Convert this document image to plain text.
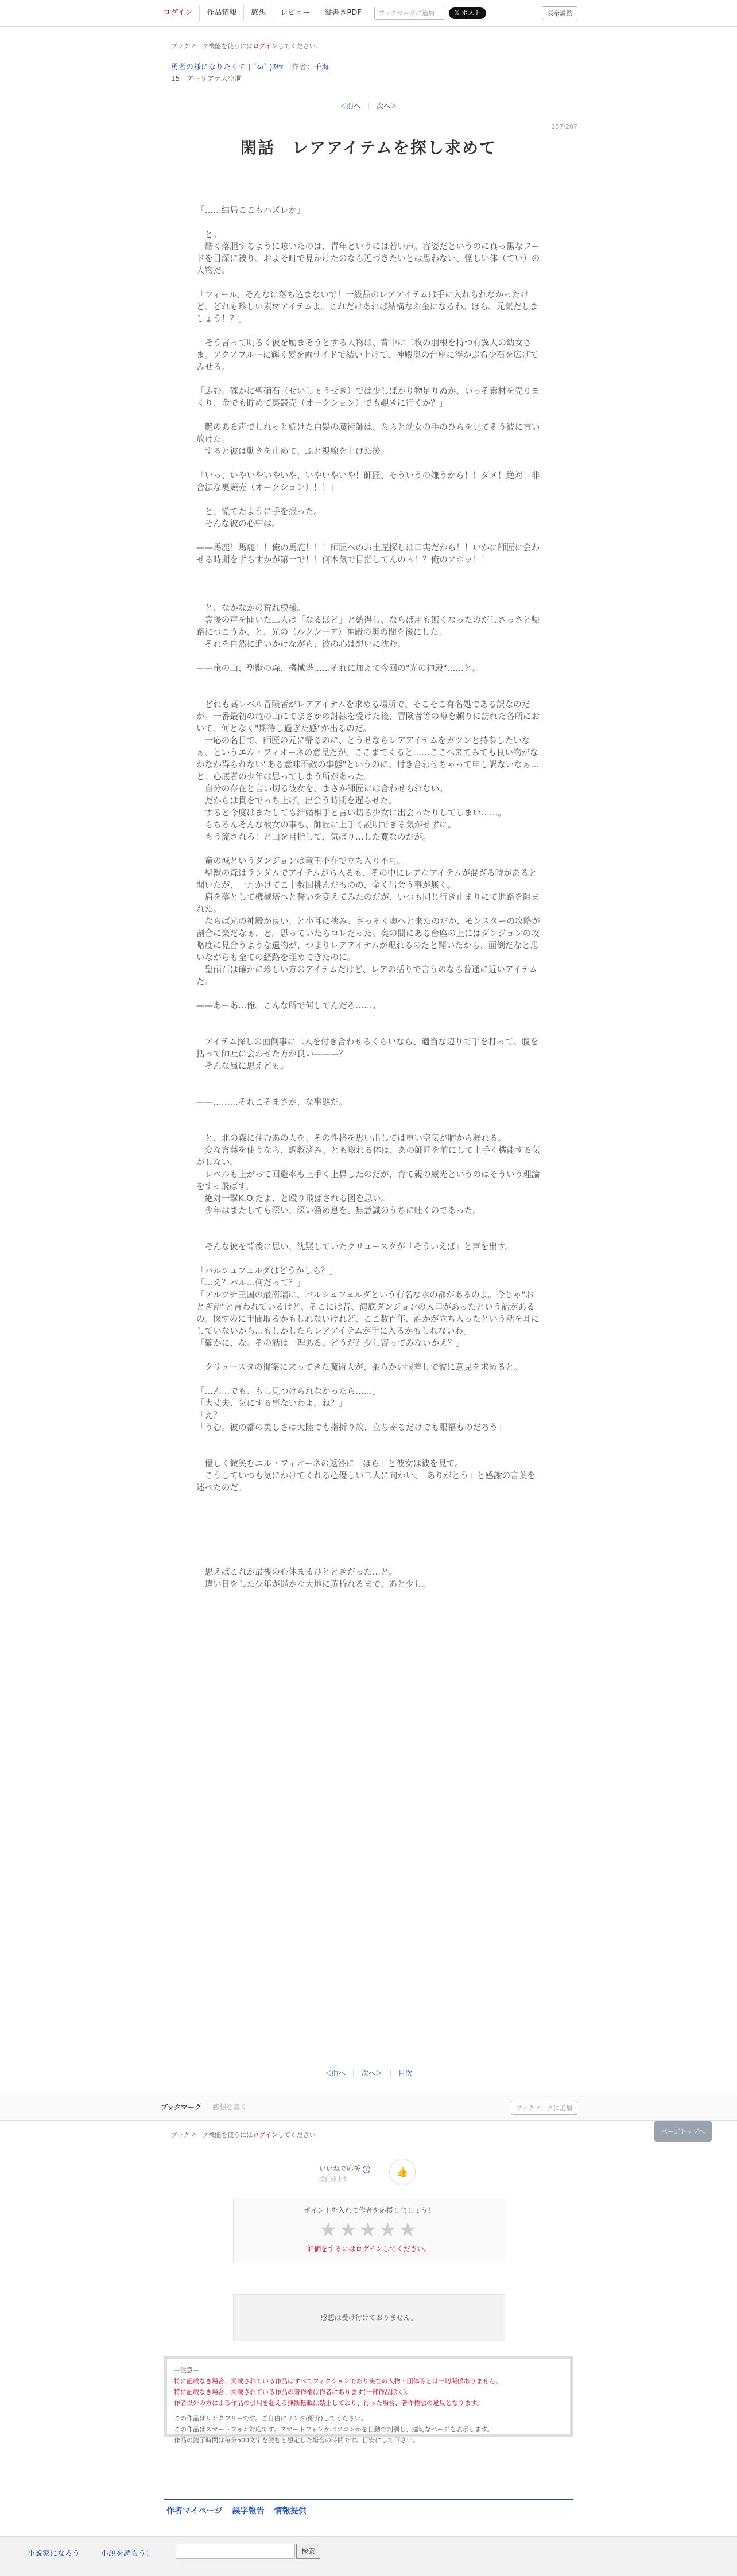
ログイン	作品情報	感想	レビュー	縦書きPDF	ブックマークに追加	𝕏 ポスト	表示調整
ブックマーク機能を使うにはログインしてください。
勇者の様になりたくて ( ˘ω˘ )ｽﾔｧ 作者：千海
15　 アーリアナ大空洞
＜前へ | 次へ＞
157/207
閑話　レアアイテムを探し求めて

「……結局ここもハズレか」

　と。

　酷く落胆するように呟いたのは、青年というには若い声。容姿だというのに真っ黒なフードを目深に被り、およそ町で見かけたのなら近づきたいとは思わない、怪しい体（てい）の人物だ。

「フィール、そんなに落ち込まないで！一級品のレアアイテムは手に入れられなかったけど、どれも珍しい素材アイテムよ。これだけあれば結構なお金になるわ。ほら、元気だしましょう！？」

　そう言って明るく彼を励まそうとする人物は、背中に二枚の羽根を持つ有翼人の幼女さま。アクアブルーに輝く髪を両サイドで結い上げて、神殿奥の台座に浮かぶ希少石を広げてみせる。

「ふむ。確かに聖硝石（せいしょうせき）では少しばかり物足りぬか。いっそ素材を売りまくり、金でも貯めて裏競売（オークション）でも覗きに行くか？」

　艶のある声でしれっと続けた白髪の魔術師は、ちらと幼女の手のひらを見てそう彼に言い放けた。

　すると彼は動きを止めて、ふと視線を上げた後。

「いっ、いやいやいやいや、いやいやいや！師匠、そういうの嫌うから！！ダメ！絶対！非合法な裏競売（オークション）！！」

　と、慌てたように手を振った。

　そんな彼の心中は。

——馬鹿！馬鹿！！俺の馬鹿！！！師匠へのお土産探しは口実だから！！いかに師匠に会わせる時期をずらすかが第一で！！何本気で目指してんのっ！？俺のアホッ！！

　と、なかなかの荒れ模様。

　袁援の声を聞いた二人は「なるほど」と納得し、ならば用も無くなったのだしさっさと帰路につこうか、と。光の（ルクシーア）神殿の奥の間を後にした。

　それを自然に追いかけながら、彼の心は想いに沈む。

——竜の山、聖獣の森、機械塔……それに加えて今回の"光の神殿"……と。

　どれも高レベル冒険者がレアアイテムを求める場所で、そこそこ有名処である訳なのだが。一番最初の竜の山にてまさかの討隷を受けた後、冒険者等の噂を頼りに訪れた各所において、何となく"期待し過ぎた感"が出るのだ。

　一応の名目で、師匠の元に帰るのに、どうせならレアアイテムをガツンと持参したいなぁ、というエル・フィオーネの意見だが、ここまでくると……ここへ来てみても良い物がなかなか得られない"ある意味不敵の事態"というのに、付き合わせちゃって申し訳ないなぁ…と。心底者の少年は思ってしまう所があった。

　自分の存在と言い切る彼女を、まさか師匠には合わせられない。

　だからは貫をでっち上げ、出会う時期を遅らせた。

　すると今度はまたしても結婚相手と言い切る少女に出会ったりしてしまい……。

　もちろんそんな彼女の事も、師匠に上手く説明できる気がせずに。

　もう流されろ！と山を目指して、気ばり…した寛なのだが。

　竜の城というダンジョンは竜王不在で立ち入り不可。

　聖獣の森はランダムでアイテムがち入るも、その中にレアなアイテムが混ざる時があると聞いたが、一月かけてこ十数回挑んだものの、全く出会う事が無く。

　肩を落として機械塔へと誓いを変えてみたのだが、いつも同じ行き止まりにて進路を阻まれた。

　ならば光の神殿が良い、と小耳に挟み、さっそく奥へと来たのだが、モンスターの攻略が割合に楽だなぁ、と。思っていたらコレだった。奥の間にある台座の上にはダンジョンの攻略度に見合うような遺物が、つまりレアアイテムが現れるのだと聞いたから、面倒だなと思いながらも全ての経路を埋めてきたのに。

　聖硝石は確かに珍しい方のアイテムだけど、レアの括りで言うのなら普通に近いアイテムだ。

——あーあ…俺、こんな所で何してんだろ……。

　アイテム探しの面倒事に二人を付き合わせるくらいなら、適当な辺りで手を打って、腹を括って師匠に会わせた方が良い———？

　そんな風に思えども。

——………それこそまさか、な事態だ。

　と、北の森に住むあの人を、その性格を思い出しては重い空気が肺から漏れる。

　変な言葉を使うなら、調教済み、とも取れる体は、あの師匠を前にして上手く機能する気がしない。

　レベルも上がって回避率も上手く上昇したのだが、育て親の威光というのはそういう理論をすっ飛ばす。

　絶対一撃K.O.だよ、と殴り飛ばされる図を思い。

　少年はまたしても深い、深い溜め息を、無意識のうちに吐くのであった。

　そんな彼を背後に思い、沈黙していたクリュースタが「そういえば」と声を出す。

「バルシュフェルダはどうかしら？」

「…え？バル…何だって？」

「アルツチ王国の最南端に、バルシュフェルダという有名な水の都があるのよ。今じゃ"おとぎ話"と言われているけど、そこには昔、海底ダンジョンの入口があったという話があるの。探すのに手間取るかもしれないけれど、ここ数百年、誰かが立ち入ったという話を耳にしていないから…もしかしたらレアアイテムが手に入るかもしれないわ」

「確かに、な。その話は一理ある。どうだ？少し寄ってみないかえ？」

　クリュースタの提案に乗ってきた魔術人が、柔らかい眼差しで彼に意見を求めると。

「…ん…でも、もし見つけられなかったら……」

「大丈夫、気にする事ないわよ。ね？」

「え？」

「うむ。彼の都の美しさは大陸でも指折り故、立ち寄るだけでも眼福ものだろう」

　優しく微笑むエル・フィオーネの返答に「ほら」と彼女は彼を見て。

　こうしていつも気にかけてくれる心優しい二人に向かい、「ありがとう」と感謝の言葉を述べたのだ。

　思えばこれが最後の心休まるひとときだった…と。

　違い日をした少年が遥かな大地に黄昏れるまで、あと少し。

＜前へ | 次へ＞ | 目次
ブックマーク 感想を書く	ブックマークに追加
ページトップへ
ブックマーク機能を使うにはログインしてください。
いいねで応援 ?
受付停止中
👍
ポイントを入れて作者を応援しましょう！
★★★★★
評価をするにはログインしてください。
感想は受け付けておりません。
＋注意＋
特に記載なき場合、掲載されている作品はすべてフィクションであり実在の人物・団体等とは一切関係ありません。
特に記載なき場合、掲載されている作品の著作権は作者にあります(一部作品除く)。
作者以外の方による作品の引用を超える無断転載は禁止しており、行った場合、著作権法の違反となります。
この作品はリンクフリーです。ご自由にリンク(紹介)してください。
この作品はスマートフォン対応です。スマートフォンかパソコンかを自動で判別し、適切なページを表示します。
作品の読了時間は毎分500文字を読むと想定した場合の時間です。目安にして下さい。
作者マイページ 誤字報告 情報提供
小説家になろう	小説を読もう！	検索
